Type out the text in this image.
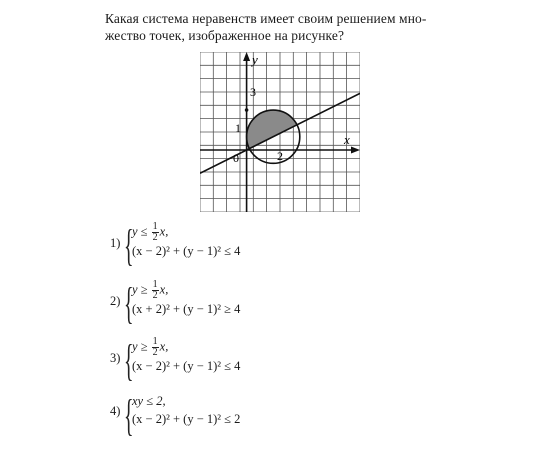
Какая система неравенств имеет своим решением мно-
жество точек, изображенное на рисунке?
y
x
3
1
0	2
1) {
$y \le \frac{1}{2} x$,
(x − 2)² + (y − 1)² ≤ 4
2) {
$y \ge \frac{1}{2} x$,
(x + 2)² + (y − 1)² ≥ 4
3) {
$y \ge \frac{1}{2} x$,
(x − 2)² + (y − 1)² ≤ 4
4) {
xy ≤ 2,
(x − 2)² + (y − 1)² ≤ 2
